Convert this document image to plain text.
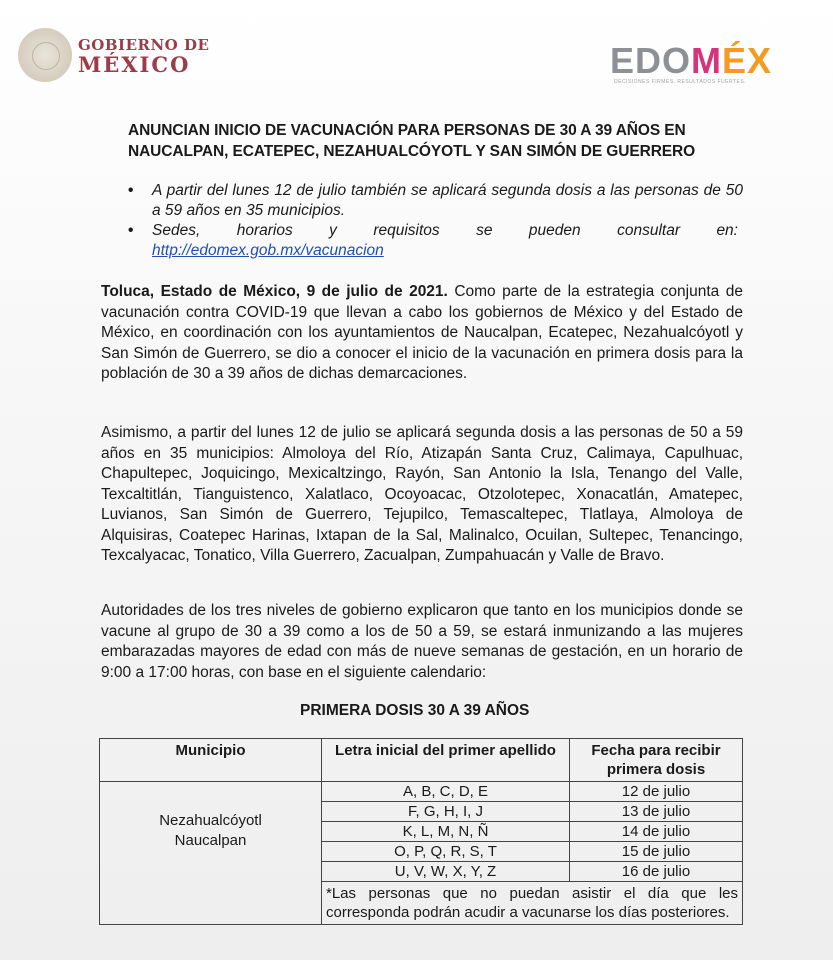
GOBIERNO DE
MÉXICO	EDOMÉX
DECISIONES FIRMES, RESULTADOS FUERTES.
ANUNCIAN INICIO DE VACUNACIÓN PARA PERSONAS DE 30 A 39 AÑOS EN NAUCALPAN, ECATEPEC, NEZAHUALCÓYOTL Y SAN SIMÓN DE GUERRERO
• A partir del lunes 12 de julio también se aplicará segunda dosis a las personas de 50 a 59 años en 35 municipios.
• Sedes, horarios y requisitos se pueden consultar en:
http://edomex.gob.mx/vacunacion
Toluca, Estado de México, 9 de julio de 2021. Como parte de la estrategia conjunta de vacunación contra COVID-19 que llevan a cabo los gobiernos de México y del Estado de México, en coordinación con los ayuntamientos de Naucalpan, Ecatepec, Nezahualcóyotl y San Simón de Guerrero, se dio a conocer el inicio de la vacunación en primera dosis para la población de 30 a 39 años de dichas demarcaciones.
Asimismo, a partir del lunes 12 de julio se aplicará segunda dosis a las personas de 50 a 59 años en 35 municipios: Almoloya del Río, Atizapán Santa Cruz, Calimaya, Capulhuac, Chapultepec, Joquicingo, Mexicaltzingo, Rayón, San Antonio la Isla, Tenango del Valle, Texcaltitlán, Tianguistenco, Xalatlaco, Ocoyoacac, Otzolotepec, Xonacatlán, Amatepec, Luvianos, San Simón de Guerrero, Tejupilco, Temascaltepec, Tlatlaya, Almoloya de Alquisiras, Coatepec Harinas, Ixtapan de la Sal, Malinalco, Ocuilan, Sultepec, Tenancingo, Texcalyacac, Tonatico, Villa Guerrero, Zacualpan, Zumpahuacán y Valle de Bravo.
Autoridades de los tres niveles de gobierno explicaron que tanto en los municipios donde se vacune al grupo de 30 a 39 como a los de 50 a 59, se estará inmunizando a las mujeres embarazadas mayores de edad con más de nueve semanas de gestación, en un horario de 9:00 a 17:00 horas, con base en el siguiente calendario:
PRIMERA DOSIS 30 A 39 AÑOS
Municipio	Letra inicial del primer apellido	Fecha para recibir primera dosis
Nezahualcóyotl
Naucalpan	A, B, C, D, E	12 de julio
	F, G, H, I, J	13 de julio
	K, L, M, N, Ñ	14 de julio
	O, P, Q, R, S, T	15 de julio
	U, V, W, X, Y, Z	16 de julio
	*Las personas que no puedan asistir el día que les corresponda podrán acudir a vacunarse los días posteriores.	
